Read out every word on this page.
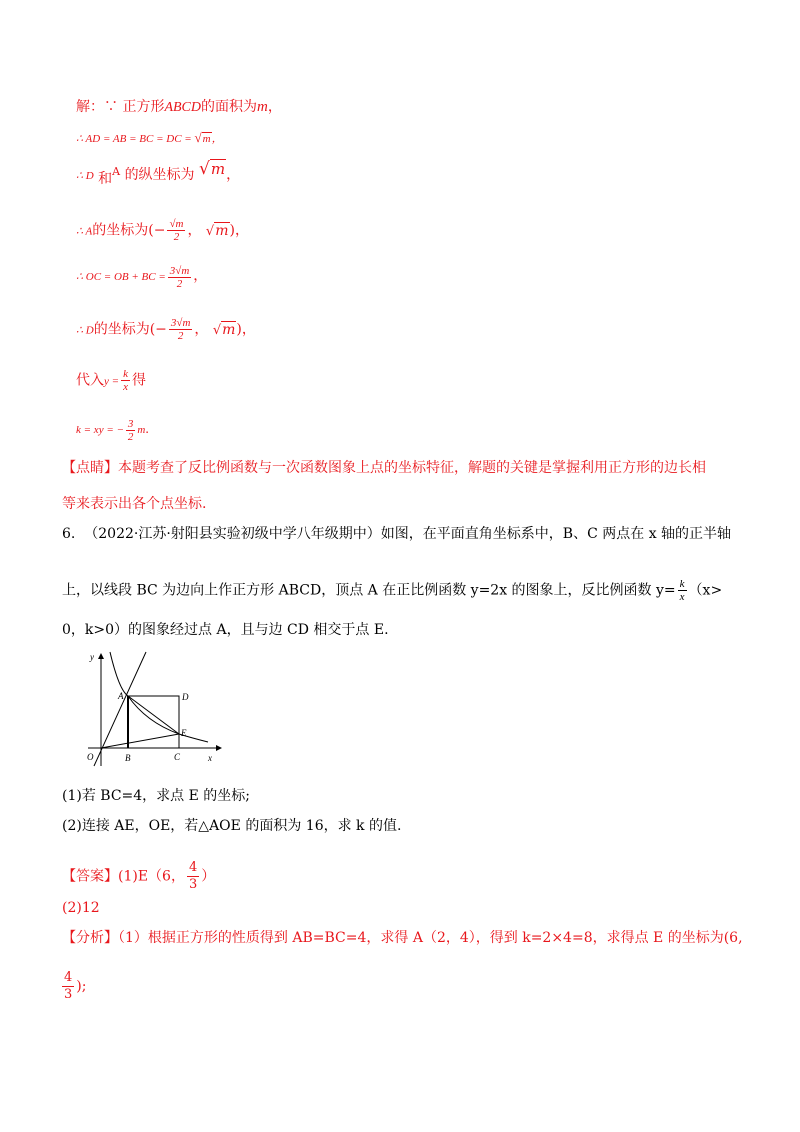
解：∵ 正方形ABCD的面积为m，
∴ AD = AB = BC = DC = √m，
∴ D 和$^A$ 的纵坐标为 √m，
∴ A的坐标为(− $\frac{√m}{2}$ ， √m)，
∴ OC = OB + BC = $\frac{3√m}{2}$ ，
∴ D的坐标为(− $\frac{3√m}{2}$ ， √m)，
代入$y = \frac{k}{x}$ 得
k = xy = − $\frac{3}{2} m$.
【点睛】本题考查了反比例函数与一次函数图象上点的坐标特征，解题的关键是掌握利用正方形的边长相
等来表示出各个点坐标.
6. （2022·江苏·射阳县实验初级中学八年级期中）如图，在平面直角坐标系中，B、C 两点在 x 轴的正半轴
上，以线段 BC 为边向上作正方形 ABCD，顶点 A 在正比例函数 y=2x 的图象上，反比例函数 $y= \frac{k}{x} (x>$
0，k>0）的图象经过点 A，且与边 CD 相交于点 E.
y
x
O
A
B	C
D
E
(1)若 BC=4，求点 E 的坐标;
(2)连接 AE，OE，若△AOE 的面积为 16，求 k 的值.
【答案】(1)E（6， $\frac{4}{3}$ ）
(2)12
【分析】（1）根据正方形的性质得到 AB=BC=4，求得 A（2，4），得到 k=2×4=8，求得点 E 的坐标为(6,
$\frac{4}{3}$ );
